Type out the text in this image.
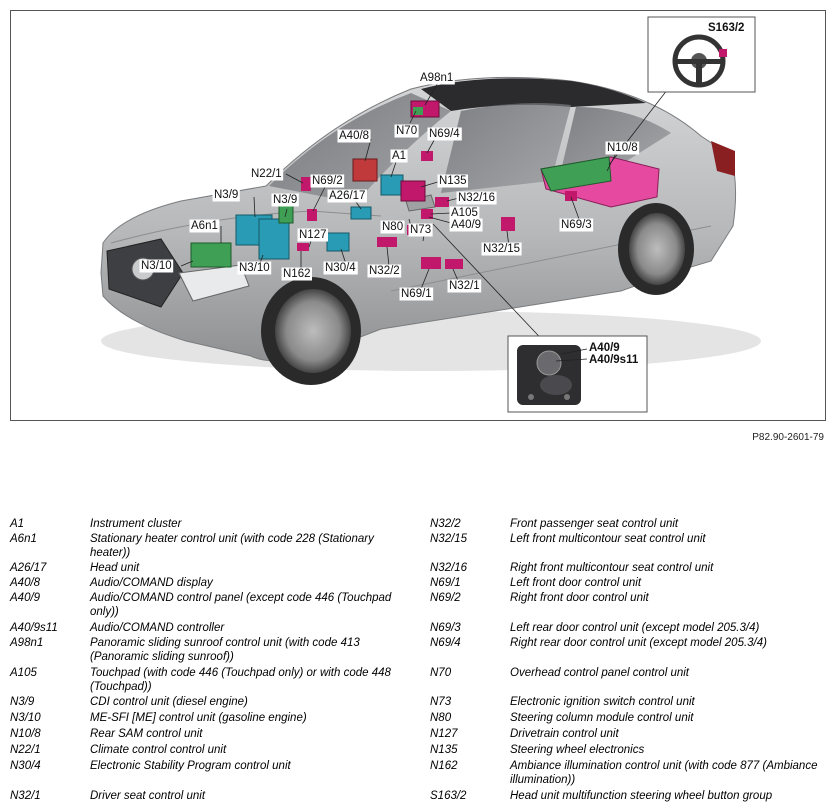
S163/2
A40/9
A40/9s11
A98n1
N70 N69/4
A40/8
A1
N22/1
N69/2
N10/8
N135
A26/17
N3/9	N32/16
A105
A40/9
N3/9
A6n1
N127
N80 N73	N69/3
N32/15
N3/10	N3/10 N162 N30/4 N32/2
N69/1
N32/1
P82.90-2601-79
A1	Instrument cluster
A6n1	Stationary heater control unit (with code 228 (Stationary heater))
A26/17	Head unit
A40/8	Audio/COMAND display
A40/9	Audio/COMAND control panel (except code 446 (Touchpad only))
A40/9s11	Audio/COMAND controller
A98n1	Panoramic sliding sunroof control unit (with code 413 (Panoramic sliding sunroof))
A105	Touchpad (with code 446 (Touchpad only) or with code 448 (Touchpad))
N3/9	CDI control unit (diesel engine)
N3/10	ME-SFI [ME] control unit (gasoline engine)
N10/8	Rear SAM control unit
N22/1	Climate control control unit
N30/4	Electronic Stability Program control unit
N32/1	Driver seat control unit
N32/2	Front passenger seat control unit
N32/15	Left front multicontour seat control unit
N32/16	Right front multicontour seat control unit
N69/1	Left front door control unit
N69/2	Right front door control unit
N69/3	Left rear door control unit (except model 205.3/4)
N69/4	Right rear door control unit (except model 205.3/4)
N70	Overhead control panel control unit
N73	Electronic ignition switch control unit
N80	Steering column module control unit
N127	Drivetrain control unit
N135	Steering wheel electronics
N162	Ambiance illumination control unit (with code 877 (Ambiance illumination))
S163/2	Head unit multifunction steering wheel button group
